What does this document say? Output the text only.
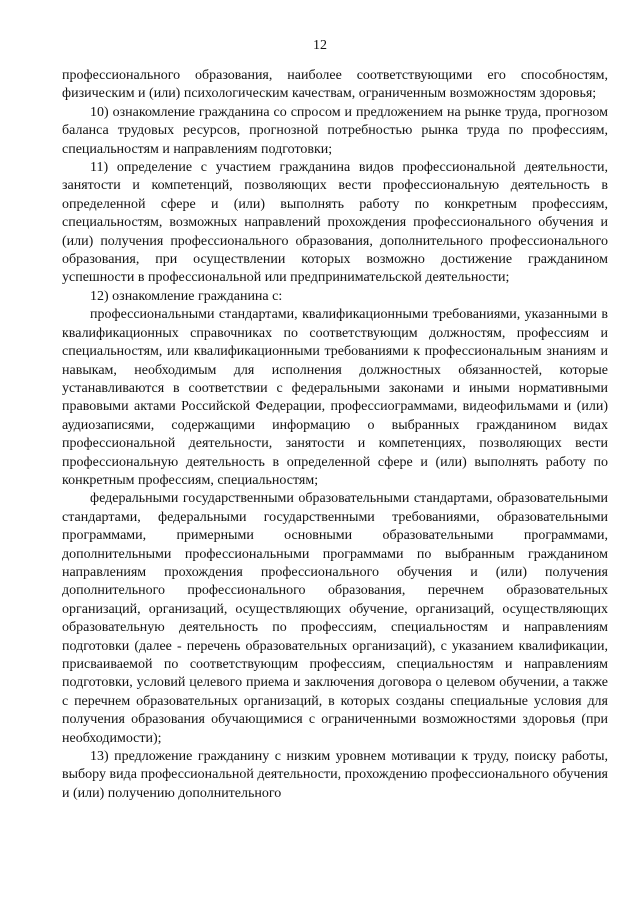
12

профессионального образования, наиболее соответствующими его способностям, физическим и (или) психологическим качествам, ограниченным возможностям здоровья;

10) ознакомление гражданина со спросом и предложением на рынке труда, прогнозом баланса трудовых ресурсов, прогнозной потребностью рынка труда по профессиям, специальностям и направлениям подготовки;

11) определение с участием гражданина видов профессиональной деятельности, занятости и компетенций, позволяющих вести профессиональную деятельность в определенной сфере и (или) выполнять работу по конкретным профессиям, специальностям, возможных направлений прохождения профессионального обучения и (или) получения профессионального образования, дополнительного профессионального образования, при осуществлении которых возможно достижение гражданином успешности в профессиональной или предпринимательской деятельности;

12) ознакомление гражданина с:

профессиональными стандартами, квалификационными требованиями, указанными в квалификационных справочниках по соответствующим должностям, профессиям и специальностям, или квалификационными требованиями к профессиональным знаниям и навыкам, необходимым для исполнения должностных обязанностей, которые устанавливаются в соответствии с федеральными законами и иными нормативными правовыми актами Российской Федерации, профессиограммами, видеофильмами и (или) аудиозаписями, содержащими информацию о выбранных гражданином видах профессиональной деятельности, занятости и компетенциях, позволяющих вести профессиональную деятельность в определенной сфере и (или) выполнять работу по конкретным профессиям, специальностям;

федеральными государственными образовательными стандартами, образовательными стандартами, федеральными государственными требованиями, образовательными программами, примерными основными образовательными программами, дополнительными профессиональными программами по выбранным гражданином направлениям прохождения профессионального обучения и (или) получения дополнительного профессионального образования, перечнем образовательных организаций, организаций, осуществляющих обучение, организаций, осуществляющих образовательную деятельность по профессиям, специальностям и направлениям подготовки (далее - перечень образовательных организаций), с указанием квалификации, присваиваемой по соответствующим профессиям, специальностям и направлениям подготовки, условий целевого приема и заключения договора о целевом обучении, а также с перечнем образовательных организаций, в которых созданы специальные условия для получения образования обучающимися с ограниченными возможностями здоровья (при необходимости);

13) предложение гражданину с низким уровнем мотивации к труду, поиску работы, выбору вида профессиональной деятельности, прохождению профессионального обучения и (или) получению дополнительного
